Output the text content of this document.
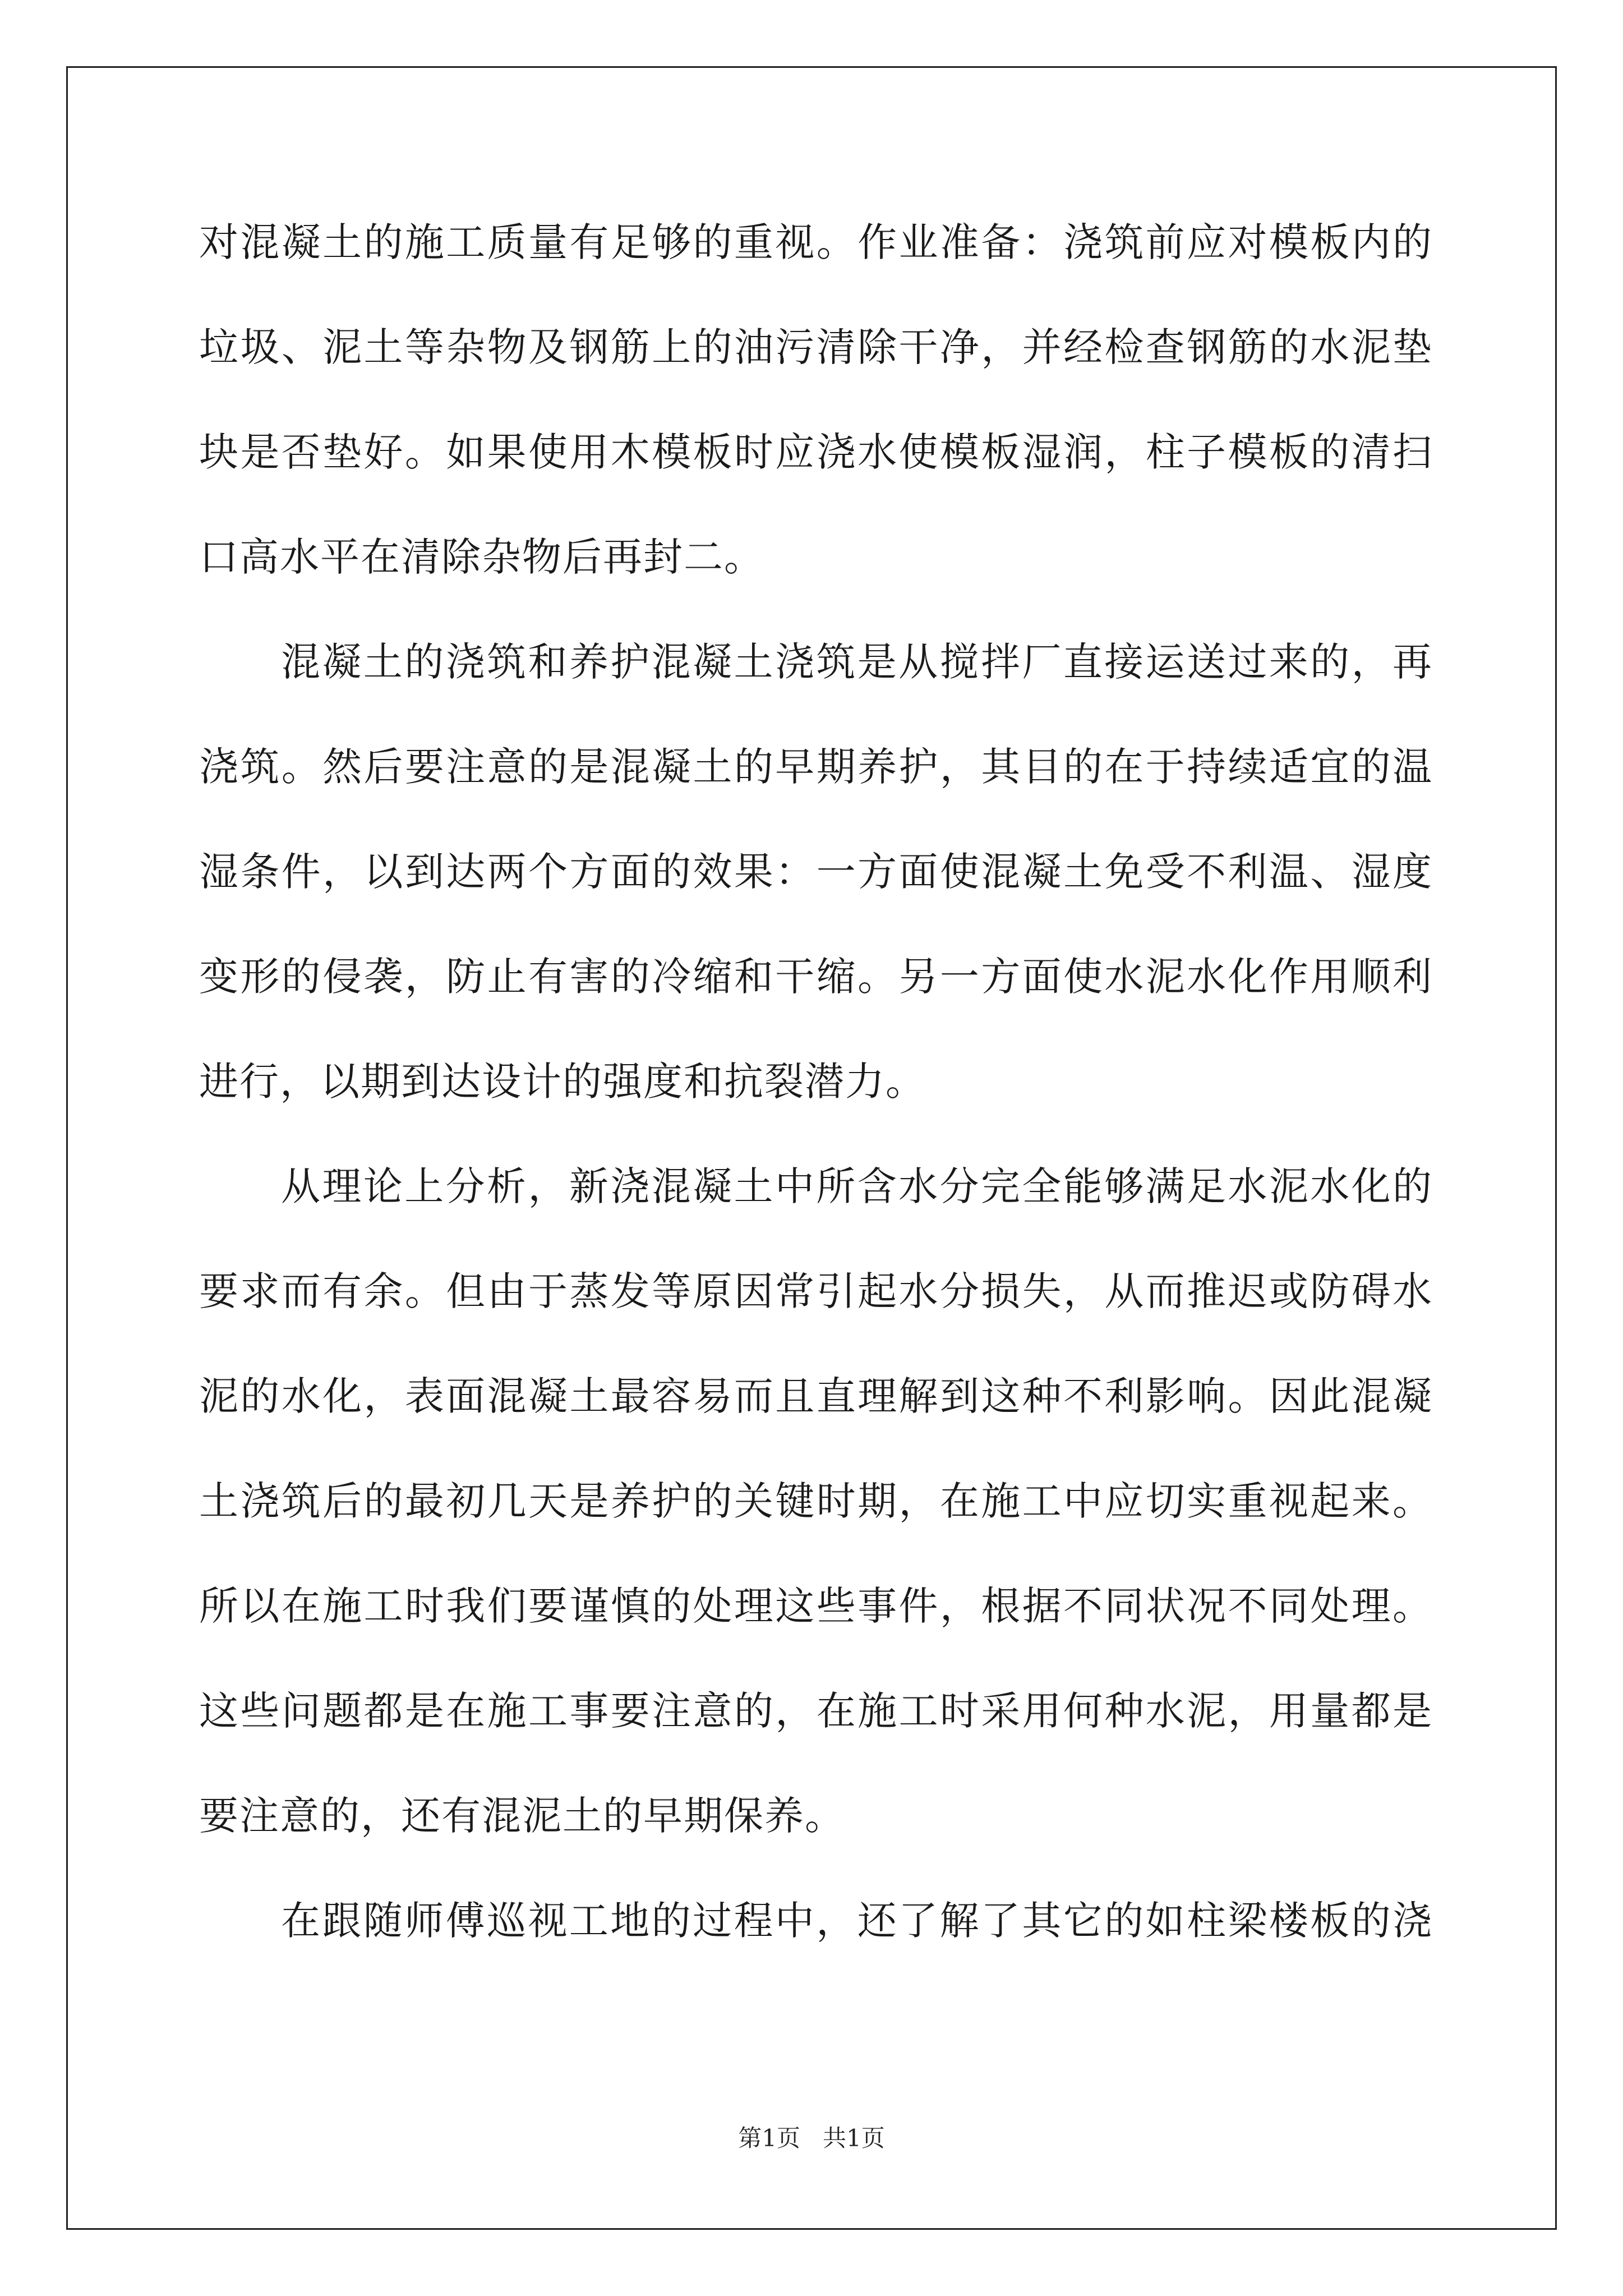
对混凝土的施工质量有足够的重视。作业准备：浇筑前应对模板内的
垃圾、泥土等杂物及钢筋上的油污清除干净，并经检查钢筋的水泥垫
块是否垫好。如果使用木模板时应浇水使模板湿润，柱子模板的清扫
口高水平在清除杂物后再封二。
混凝土的浇筑和养护混凝土浇筑是从搅拌厂直接运送过来的，再
浇筑。然后要注意的是混凝土的早期养护，其目的在于持续适宜的温
湿条件，以到达两个方面的效果：一方面使混凝土免受不利温、湿度
变形的侵袭，防止有害的冷缩和干缩。另一方面使水泥水化作用顺利
进行，以期到达设计的强度和抗裂潜力。
从理论上分析，新浇混凝土中所含水分完全能够满足水泥水化的
要求而有余。但由于蒸发等原因常引起水分损失，从而推迟或防碍水
泥的水化，表面混凝土最容易而且直理解到这种不利影响。因此混凝
土浇筑后的最初几天是养护的关键时期，在施工中应切实重视起来。
所以在施工时我们要谨慎的处理这些事件，根据不同状况不同处理。
这些问题都是在施工事要注意的，在施工时采用何种水泥，用量都是
要注意的，还有混泥土的早期保养。
在跟随师傅巡视工地的过程中，还了解了其它的如柱梁楼板的浇
第1页 共1页
